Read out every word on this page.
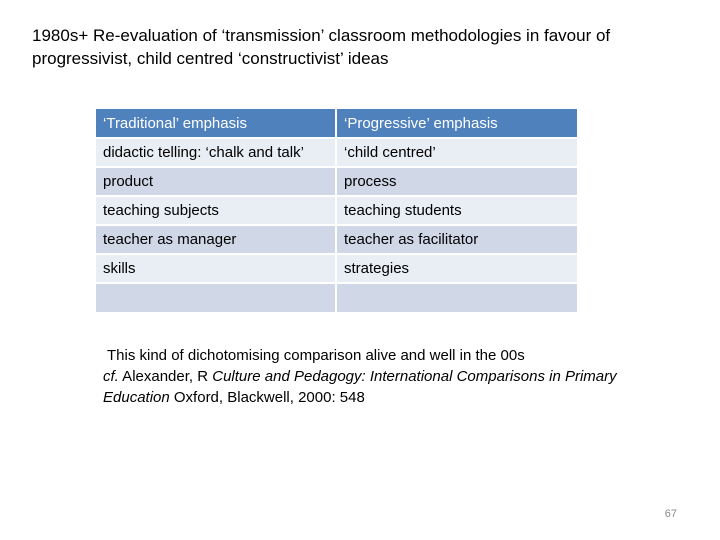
1980s+ Re-evaluation of ‘transmission’ classroom methodologies in favour of progressivist, child centred ‘constructivist’ ideas
‘Traditional’ emphasis	‘Progressive’ emphasis
didactic telling: ‘chalk and talk’	‘child centred’
product	process
teaching subjects	teaching students
teacher as manager	teacher as facilitator
skills	strategies

This kind of dichotomising comparison alive and well in the 00s

cf. Alexander, R Culture and Pedagogy: International Comparisons in Primary Education Oxford, Blackwell, 2000: 548

67
